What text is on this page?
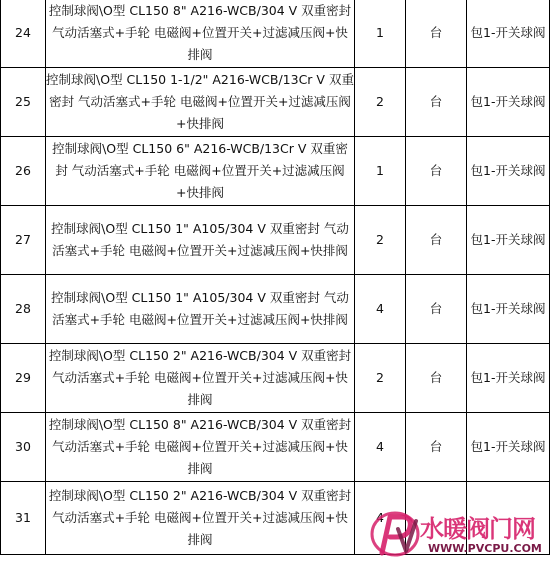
24	控制球阀\O型 CL150 8" A216-WCB/304 V 双重密封 气动活塞式+手轮 电磁阀+位置开关+过滤减压阀+快排阀	1	台	包1-开关球阀
25	控制球阀\O型 CL150 1-1/2" A216-WCB/13Cr V 双重密封 气动活塞式+手轮 电磁阀+位置开关+过滤减压阀+快排阀	2	台	包1-开关球阀
26	控制球阀\O型 CL150 6" A216-WCB/13Cr V 双重密封 气动活塞式+手轮 电磁阀+位置开关+过滤减压阀+快排阀	1	台	包1-开关球阀
27	控制球阀\O型 CL150 1" A105/304 V 双重密封 气动活塞式+手轮 电磁阀+位置开关+过滤减压阀+快排阀	2	台	包1-开关球阀
28	控制球阀\O型 CL150 1" A105/304 V 双重密封 气动活塞式+手轮 电磁阀+位置开关+过滤减压阀+快排阀	4	台	包1-开关球阀
29	控制球阀\O型 CL150 2" A216-WCB/304 V 双重密封 气动活塞式+手轮 电磁阀+位置开关+过滤减压阀+快排阀	2	台	包1-开关球阀
30	控制球阀\O型 CL150 8" A216-WCB/304 V 双重密封 气动活塞式+手轮 电磁阀+位置开关+过滤减压阀+快排阀	4	台	包1-开关球阀
31	控制球阀\O型 CL150 2" A216-WCB/304 V 双重密封 气动活塞式+手轮 电磁阀+位置开关+过滤减压阀+快排阀	4		水暖阀门网
WWW.PVCPU.COM
